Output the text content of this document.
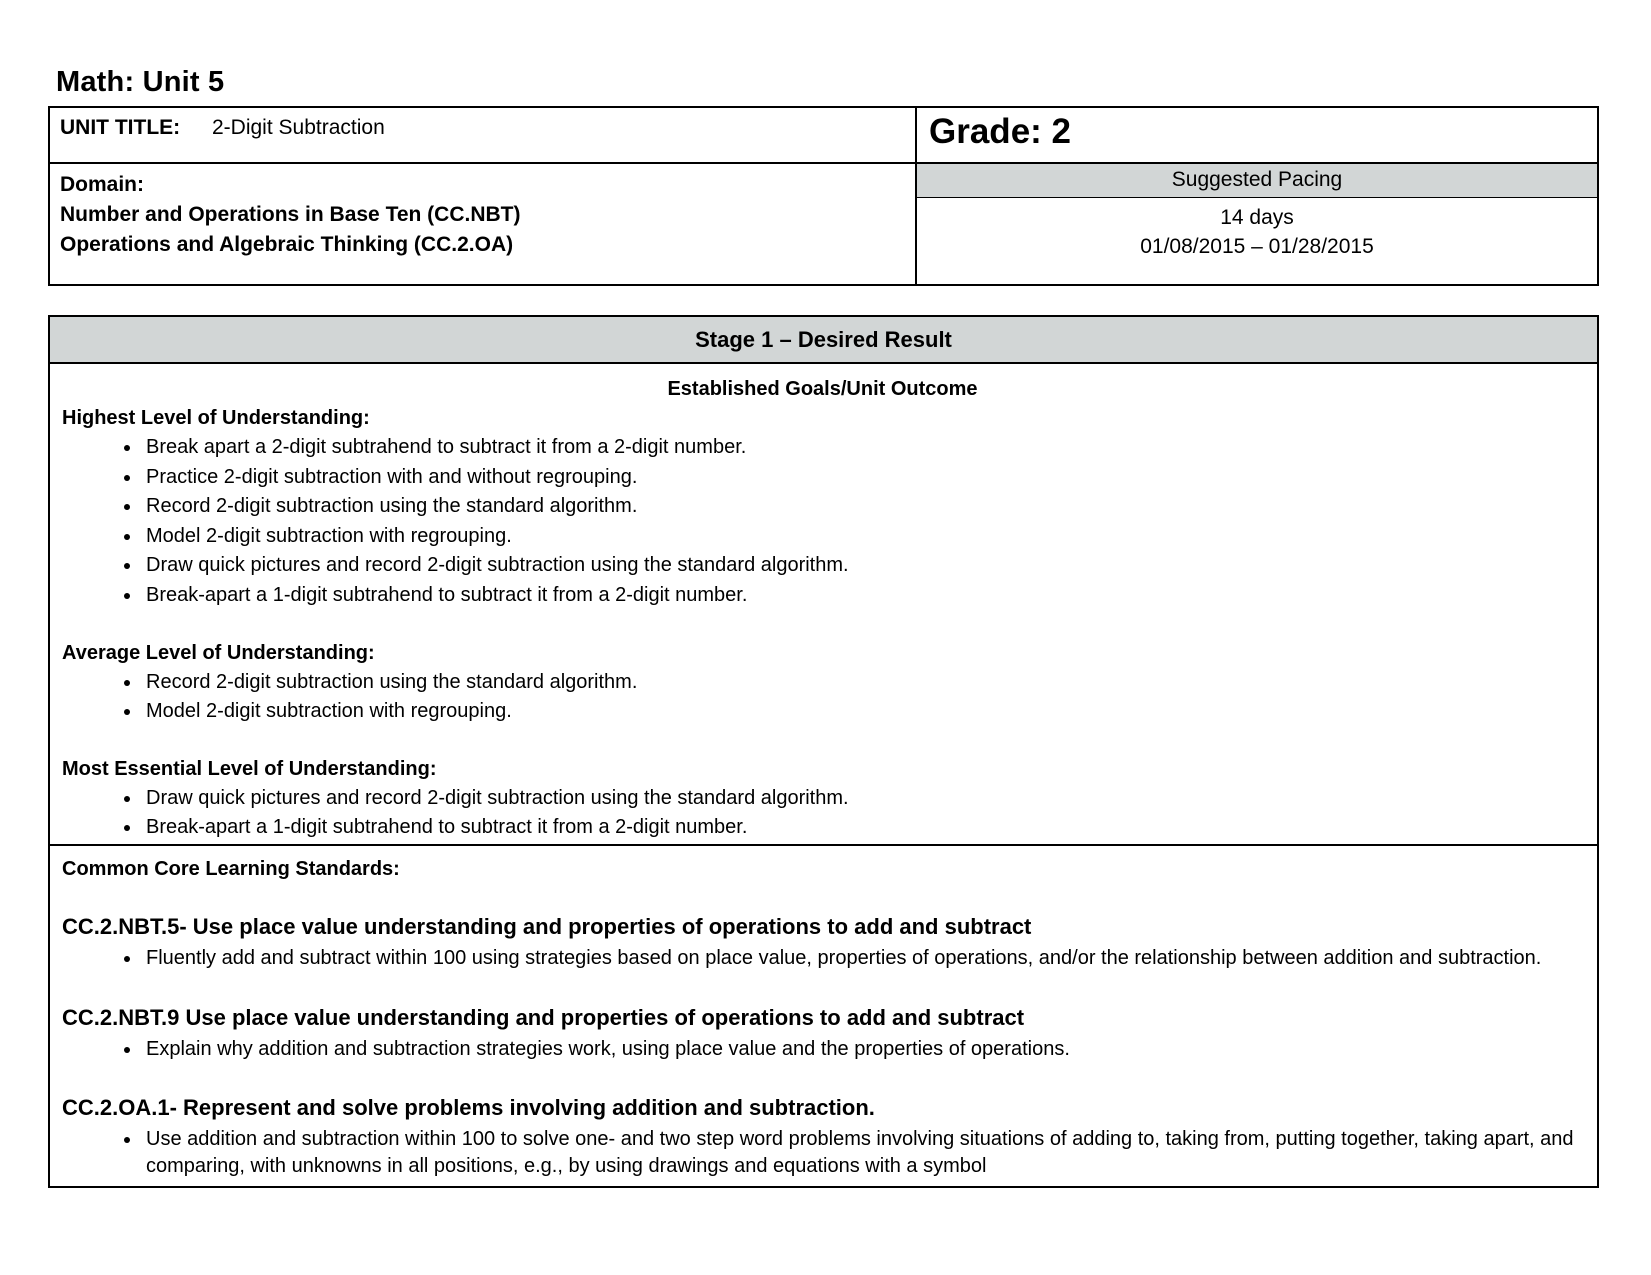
Math: Unit 5
UNIT TITLE: 2-Digit Subtraction
Domain:
Number and Operations in Base Ten (CC.NBT)
Operations and Algebraic Thinking (CC.2.OA)
Grade: 2
Suggested Pacing
14 days
01/08/2015 – 01/28/2015
Stage 1 – Desired Result
Established Goals/Unit Outcome
Highest Level of Understanding:
• Break apart a 2-digit subtrahend to subtract it from a 2-digit number.
• Practice 2-digit subtraction with and without regrouping.
• Record 2-digit subtraction using the standard algorithm.
• Model 2-digit subtraction with regrouping.
• Draw quick pictures and record 2-digit subtraction using the standard algorithm.
• Break-apart a 1-digit subtrahend to subtract it from a 2-digit number.
Average Level of Understanding:
• Record 2-digit subtraction using the standard algorithm.
• Model 2-digit subtraction with regrouping.
Most Essential Level of Understanding:
• Draw quick pictures and record 2-digit subtraction using the standard algorithm.
• Break-apart a 1-digit subtrahend to subtract it from a 2-digit number.
Common Core Learning Standards:
CC.2.NBT.5- Use place value understanding and properties of operations to add and subtract
• Fluently add and subtract within 100 using strategies based on place value, properties of operations, and/or the relationship between addition and subtraction.
CC.2.NBT.9 Use place value understanding and properties of operations to add and subtract
• Explain why addition and subtraction strategies work, using place value and the properties of operations.
CC.2.OA.1- Represent and solve problems involving addition and subtraction.
• Use addition and subtraction within 100 to solve one- and two step word problems involving situations of adding to, taking from, putting together, taking apart, and comparing, with unknowns in all positions, e.g., by using drawings and equations with a symbol
